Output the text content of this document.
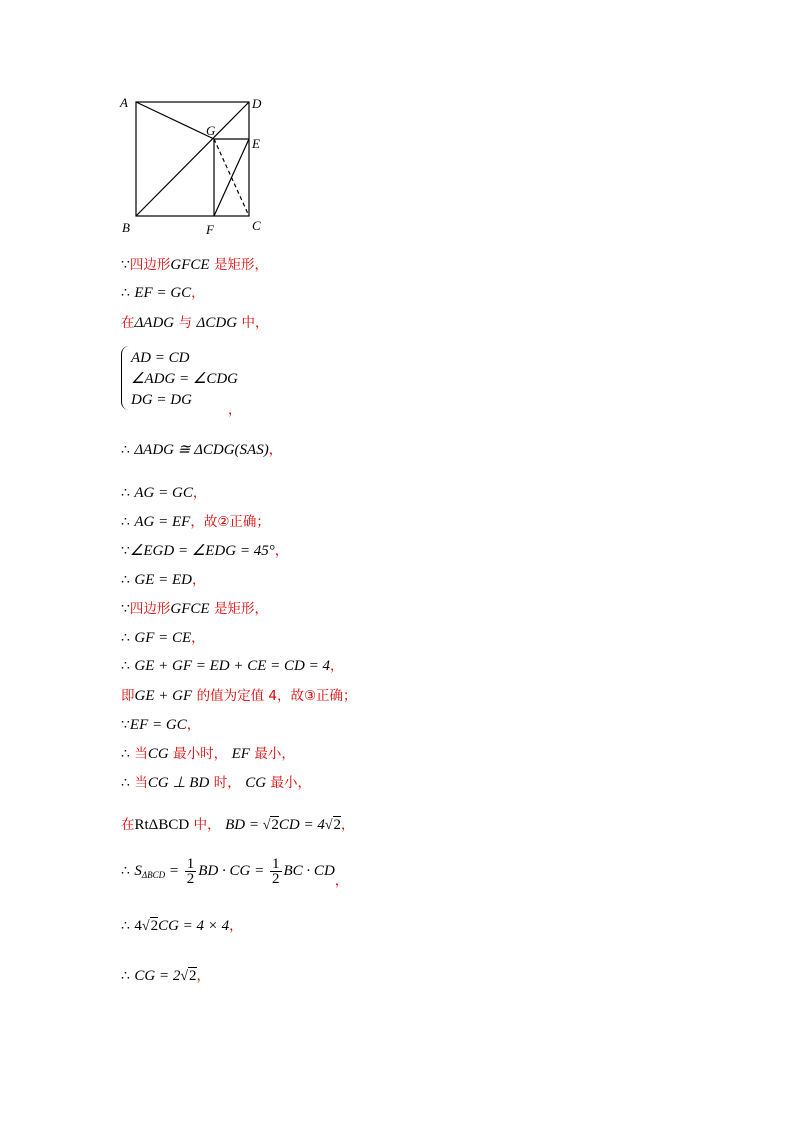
A	D
G
E
B	F	C
∵四边形GFCE 是矩形，
∴ EF = GC，
在ΔADG 与 ΔCDG 中，
AD = CD
∠ADG = ∠CDG
DG = DG
，
∴ ΔADG ≅ ΔCDG(SAS)，
∴ AG = GC，
∴ AG = EF，故②正确；
∵∠EGD = ∠EDG = 45°，
∴ GE = ED，
∵四边形GFCE 是矩形，
∴ GF = CE，
∴ GE + GF = ED + CE = CD = 4，
即GE + GF 的值为定值 4，故③正确；
∵EF = GC，
∴ 当CG 最小时， EF 最小，
∴ 当CG ⊥ BD 时， CG 最小，
在RtΔBCD 中， BD = √2CD = 4√2，
∴ $S_{\Delta BCD} = \frac{1}{2}$ BD · CG = $\frac{1}{2}$ BC · CD，
∴ 4√2CG = 4 × 4，
∴ CG = 2√2，
